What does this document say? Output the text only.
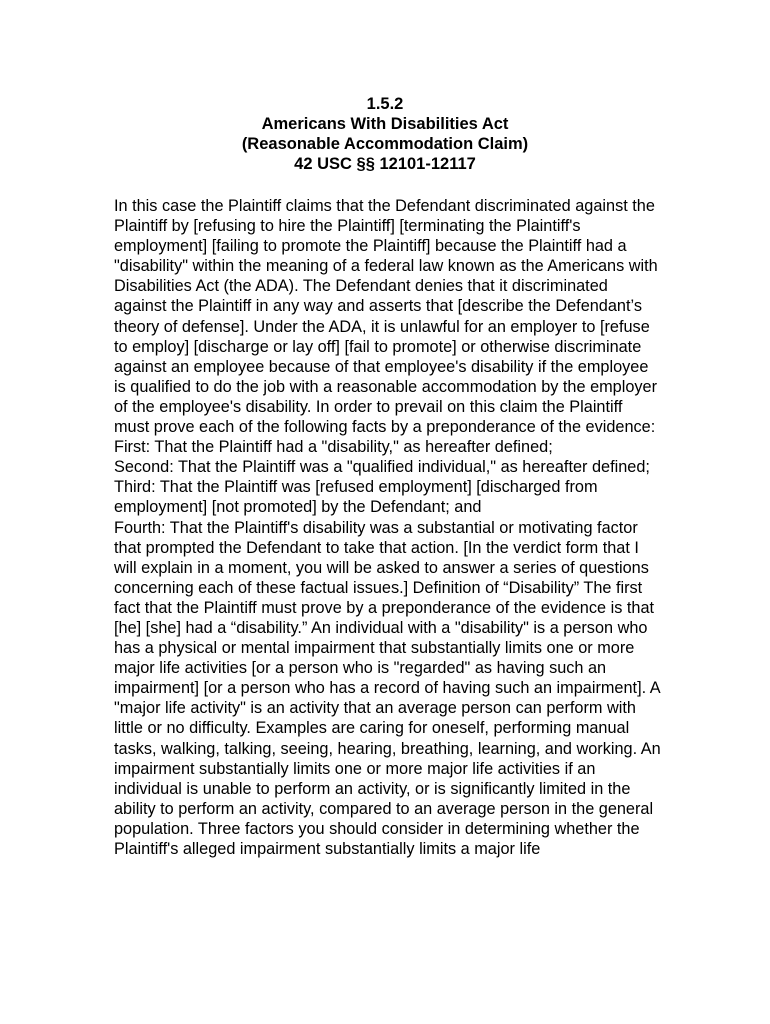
1.5.2
Americans With Disabilities Act
(Reasonable Accommodation Claim)
42 USC §§ 12101-12117

In this case the Plaintiff claims that the Defendant discriminated against the Plaintiff by [refusing to hire the Plaintiff] [terminating the Plaintiff's employment] [failing to promote the Plaintiff] because the Plaintiff had a "disability" within the meaning of a federal law known as the Americans with Disabilities Act (the ADA). The Defendant denies that it discriminated against the Plaintiff in any way and asserts that [describe the Defendant’s theory of defense]. Under the ADA, it is unlawful for an employer to [refuse to employ] [discharge or lay off] [fail to promote] or otherwise discriminate against an employee because of that employee's disability if the employee is qualified to do the job with a reasonable accommodation by the employer of the employee's disability. In order to prevail on this claim the Plaintiff must prove each of the following facts by a preponderance of the evidence:

First: That the Plaintiff had a "disability," as hereafter defined;

Second: That the Plaintiff was a "qualified individual," as hereafter defined;

Third: That the Plaintiff was [refused employment] [discharged from employment] [not promoted] by the Defendant; and

Fourth: That the Plaintiff's disability was a substantial or motivating factor that prompted the Defendant to take that action. [In the verdict form that I will explain in a moment, you will be asked to answer a series of questions concerning each of these factual issues.] Definition of “Disability” The first fact that the Plaintiff must prove by a preponderance of the evidence is that [he] [she] had a “disability.” An individual with a "disability" is a person who has a physical or mental impairment that substantially limits one or more major life activities [or a person who is "regarded" as having such an impairment] [or a person who has a record of having such an impairment]. A "major life activity" is an activity that an average person can perform with little or no difficulty. Examples are caring for oneself, performing manual tasks, walking, talking, seeing, hearing, breathing, learning, and working. An impairment substantially limits one or more major life activities if an individual is unable to perform an activity, or is significantly limited in the ability to perform an activity, compared to an average person in the general population. Three factors you should consider in determining whether the Plaintiff's alleged impairment substantially limits a major life
